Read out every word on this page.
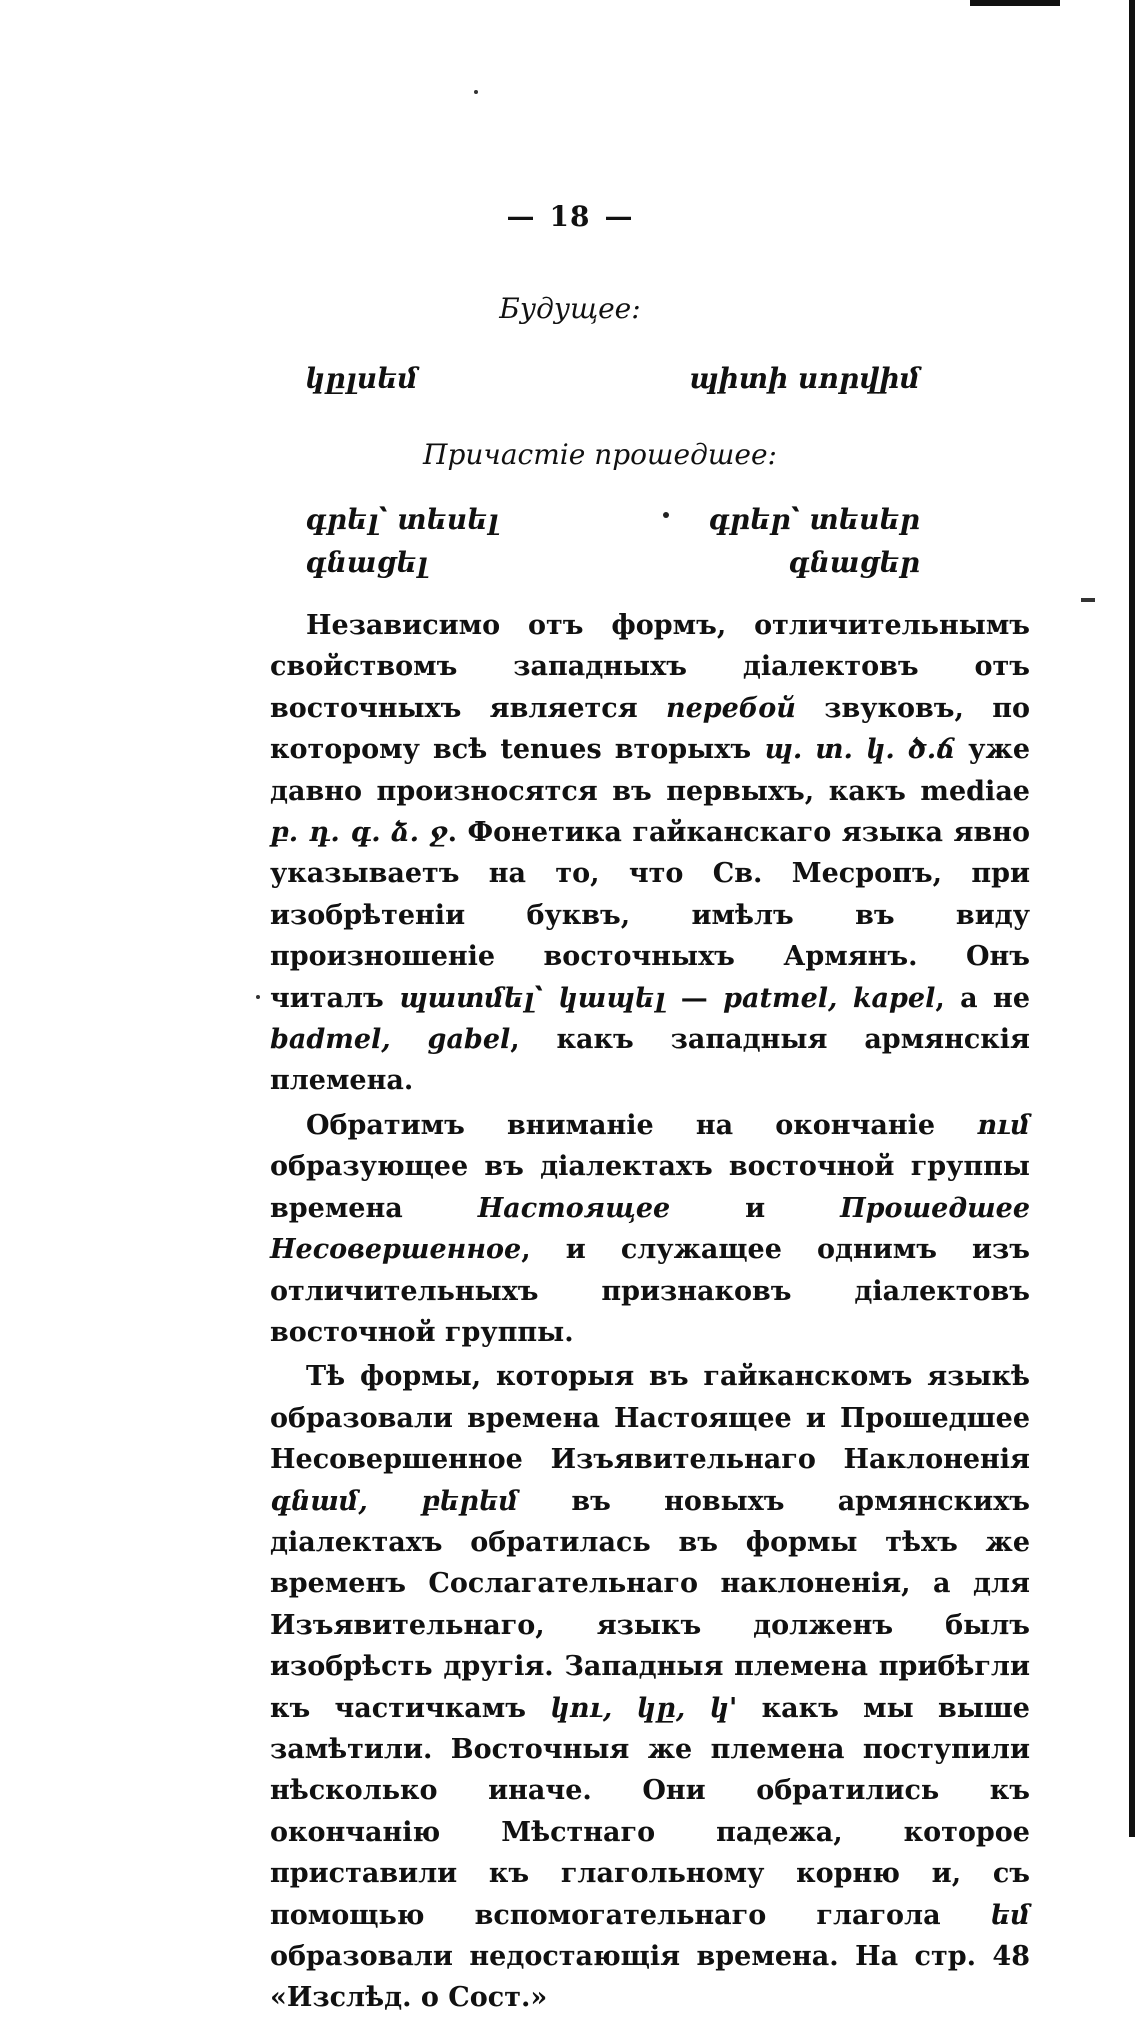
— 18 —
Будущее:
կըլսեմ	պիտի սորվիմ
Причастіе прошедшее:
գրել՝ տեսել	գրեր՝ տեսեր
գնացել	գնացեր

Независимо отъ формъ, отличительнымъ свойствомъ западныхъ діалектовъ отъ восточныхъ является перебой звуковъ, по которому всѣ tenues вторыхъ պ. տ. կ. ծ.ճ уже давно произносятся въ первыхъ, какъ mediae բ. դ. գ. ձ. ջ. Фонетика гайканскаго языка явно указываетъ на то, что Св. Месропъ, при изобрѣтеніи буквъ, имѣлъ въ виду произношеніе восточныхъ Армянъ. Онъ читалъ պատմել՝ կապել — patmel, kapel, а не badmel, gabel, какъ западныя армянскія племена.

Обратимъ вниманіе на окончаніе ում образующее въ діалектахъ восточной группы времена Настоящее и Прошедшее Несовершенное, и служащее однимъ изъ отличительныхъ признаковъ діалектовъ восточной группы.

Тѣ формы, которыя въ гайканскомъ языкѣ образовали времена Настоящее и Прошедшее Несовершенное Изъявительнаго Наклоненія գնամ, բերեմ въ новыхъ армянскихъ діалектахъ обратилась въ формы тѣхъ же временъ Сослагательнаго наклоненія, а для Изъявительнаго, языкъ долженъ былъ изобрѣсть другія. Западныя племена прибѣгли къ частичкамъ կու, կը, կ' какъ мы выше замѣтили. Восточныя же племена поступили нѣсколько иначе. Они обратились къ окончанію Мѣстнаго падежа, которое приставили къ глагольному корню и, съ помощью вспомогательнаго глагола եմ образовали недостающія времена. На стр. 48 «Изслѣд. о Сост.»
